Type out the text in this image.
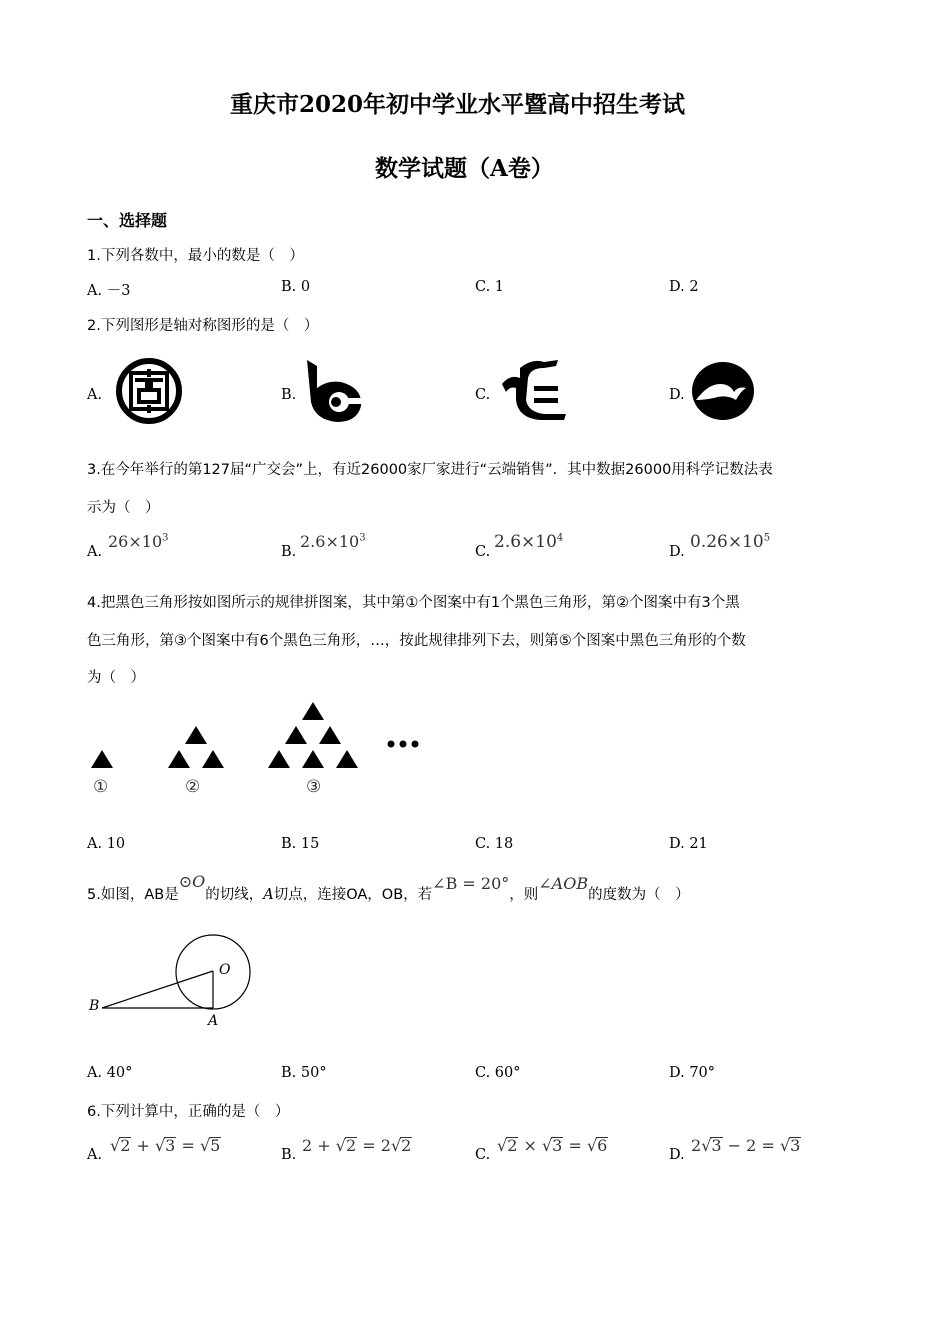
重庆市2020年初中学业水平暨高中招生考试
数学试题（A卷）
一、选择题
1.下列各数中，最小的数是（　）
A. －3	B. 0	C. 1	D. 2
2.下列图形是轴对称图形的是（　）
A.	B.	C.	D.
3.在今年举行的第127届“广交会”上，有近26000家厂家进行“云端销售”．其中数据26000用科学记数法表
示为（　）
A.
$26\times 10^3$
B.
$2.6\times 10^3$
C. $2.6\times 10^4$
D. $0.26\times 10^5$
4.把黑色三角形按如图所示的规律拼图案，其中第①个图案中有1个黑色三角形，第②个图案中有3个黑
色三角形，第③个图案中有6个黑色三角形，…，按此规律排列下去，则第⑤个图案中黑色三角形的个数
为（　）
①	②	③
A. 10	B. 15	C. 18	D. 21
5.如图，AB是⊙O的切线，A切点，连接OA，OB，若∠B = 20°，则∠AOB的度数为（　）
B
O
A
A. 40°	B. 50°	C. 60°	D. 70°
6.下列计算中，正确的是（　）
A. √2 + √3 = √5	B. 2 + √2 = 2√2	C. √2 × √3 = √6	D. 2√3 − 2 = √3
